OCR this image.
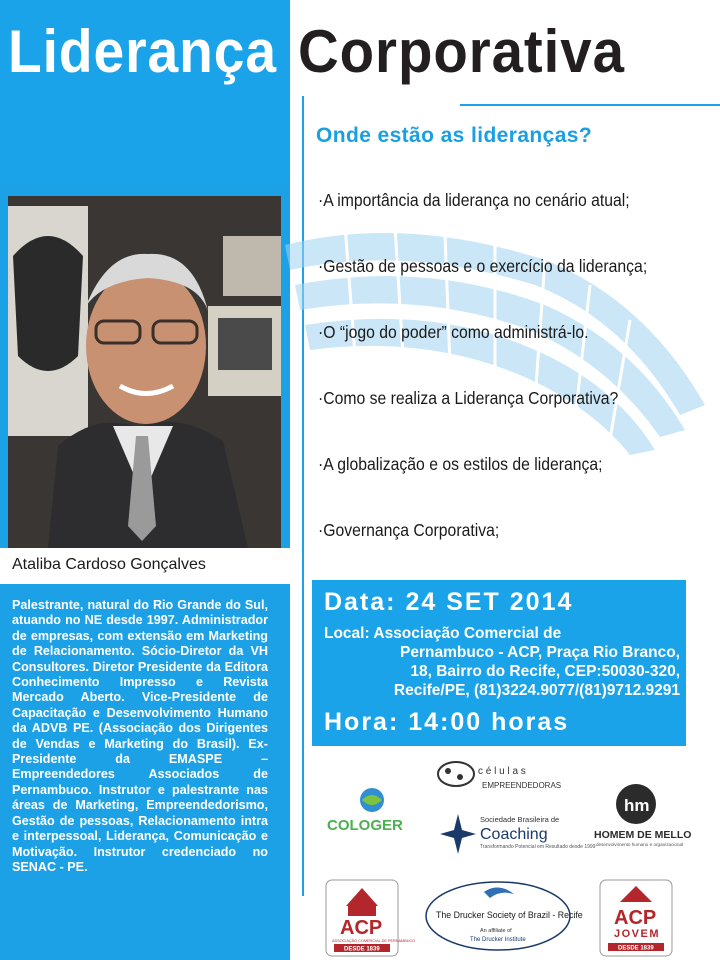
Liderança Corporativa
Ataliba Cardoso Gonçalves
Palestrante, natural do Rio Grande do Sul, atuando no NE desde 1997. Administrador de empresas, com extensão em Marketing de Relacionamento. Sócio-Diretor da VH Consultores. Diretor Presidente da Editora Conhecimento Impresso e Revista Mercado Aberto. Vice-Presidente de Capacitação e Desenvolvimento Humano da ADVB PE. (Associação dos Dirigentes de Vendas e Marketing do Brasil). Ex-Presidente da EMASPE – Empreendedores Associados de Pernambuco. Instrutor e palestrante nas áreas de Marketing, Empreendedorismo, Gestão de pessoas, Relacionamento intra e interpessoal, Liderança, Comunicação e Motivação. Instrutor credenciado no SENAC - PE.
Onde estão as lideranças?
·A importância da liderança no cenário atual;
·Gestão de pessoas e o exercício da liderança;
·O “jogo do poder” como administrá-lo.
·Como se realiza a Liderança Corporativa?
·A globalização e os estilos de liderança;
·Governança Corporativa;
Data: 24 SET 2014
Local: Associação Comercial de
Pernambuco - ACP, Praça Rio Branco,
18, Bairro do Recife, CEP:50030-320,
Recife/PE, (81)3224.9077/(81)9712.9291
Hora: 14:00 horas
c é l u l a s
EMPREENDEDORAS
COLOGER	Sociedade Brasileira de
Coaching
Transformando Potencial em Resultado desde 1999
hm
HOMEM DE MELLO
desenvolvimento humano e organizacional
ACP
ASSOCIAÇÃO COMERCIAL DE PERNAMBUCO
DESDE 1839
The Drucker Society of Brazil - Recife
An affiliate of
The Drucker Institute
ACP
JOVEM
DESDE 1839
